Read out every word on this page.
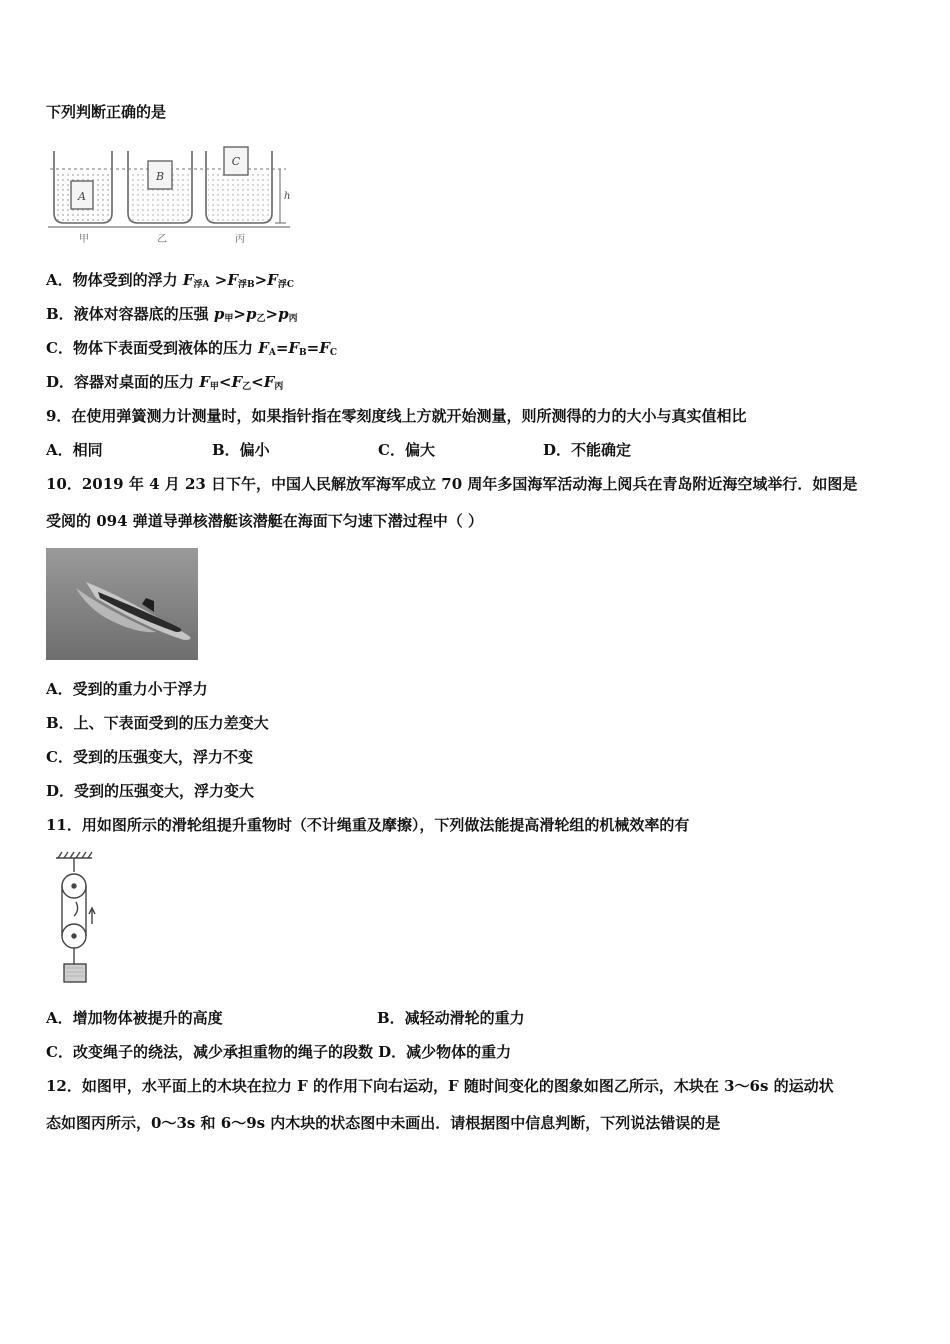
下列判断正确的是
A
B
C
h
甲	乙	丙
A．物体受到的浮力 $F_{浮A} >F_{浮B}>F_{浮C}$
B．液体对容器底的压强 $p_甲>p_乙>p_丙$
C．物体下表面受到液体的压力 $F_A=F_B=F_C$
D．容器对桌面的压力 $F_甲<F_乙<F_丙$
9．在使用弹簧测力计测量时，如果指针指在零刻度线上方就开始测量，则所测得的力的大小与真实值相比
A．相同	B．偏小	C．偏大	D．不能确定
10．2019 年 4 月 23 日下午，中国人民解放军海军成立 70 周年多国海军活动海上阅兵在青岛附近海空域举行．如图是
受阅的 094 弹道导弹核潜艇该潜艇在海面下匀速下潜过程中（ ）
A．受到的重力小于浮力
B．上、下表面受到的压力差变大
C．受到的压强变大，浮力不变
D．受到的压强变大，浮力变大
11．用如图所示的滑轮组提升重物时（不计绳重及摩擦），下列做法能提高滑轮组的机械效率的有
A．增加物体被提升的高度	B．减轻动滑轮的重力
C．改变绳子的绕法，减少承担重物的绳子的段数 D．减少物体的重力
12．如图甲，水平面上的木块在拉力 F 的作用下向右运动，F 随时间变化的图象如图乙所示，木块在 3～6s 的运动状
态如图丙所示，0～3s 和 6～9s 内木块的状态图中未画出．请根据图中信息判断，下列说法错误的是
